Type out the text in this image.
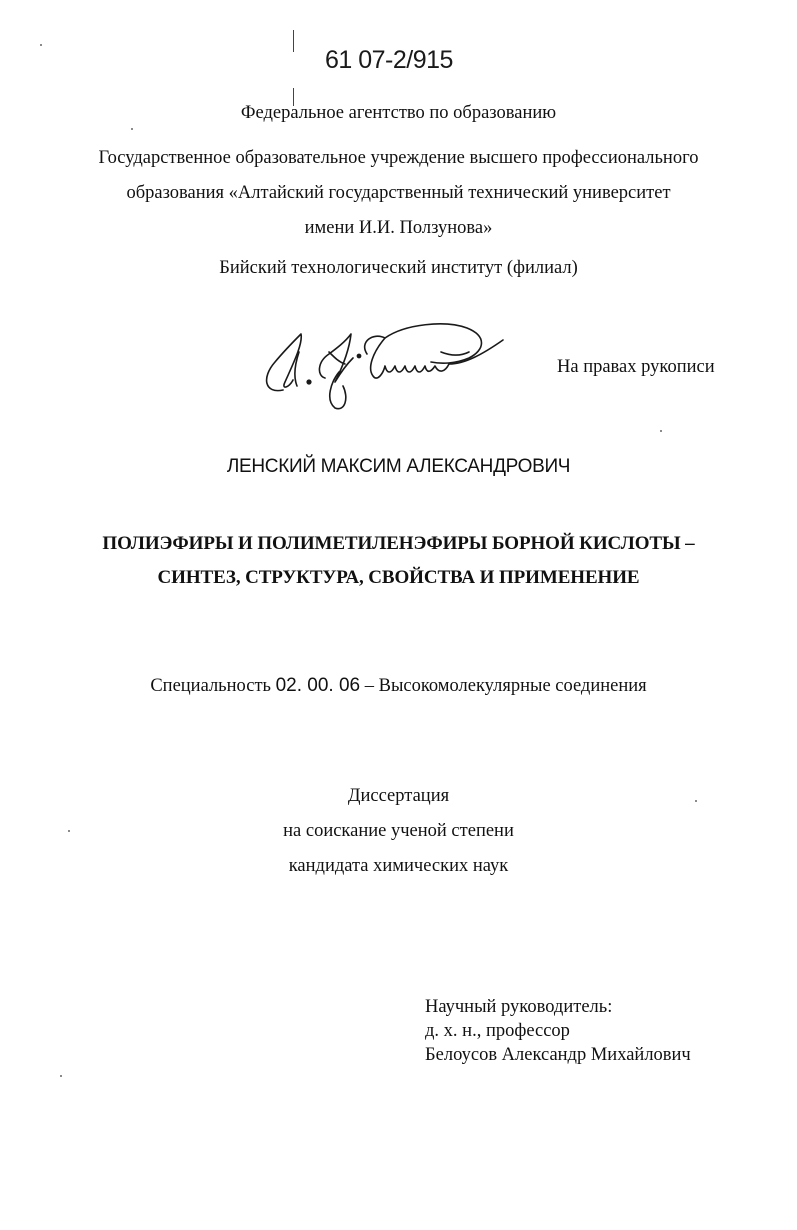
61 07-2/915
Федеральное агентство по образованию
Государственное образовательное учреждение высшего профессионального
образования «Алтайский государственный технический университет
имени И.И. Ползунова»
Бийский технологический институт (филиал)
На правах рукописи
ЛЕНСКИЙ МАКСИМ АЛЕКСАНДРОВИЧ
ПОЛИЭФИРЫ И ПОЛИМЕТИЛЕНЭФИРЫ БОРНОЙ КИСЛОТЫ –
СИНТЕЗ, СТРУКТУРА, СВОЙСТВА И ПРИМЕНЕНИЕ
Специальность 02. 00. 06 – Высокомолекулярные соединения
Диссертация
на соискание ученой степени
кандидата химических наук
Научный руководитель:
д. х. н., профессор
Белоусов Александр Михайлович
